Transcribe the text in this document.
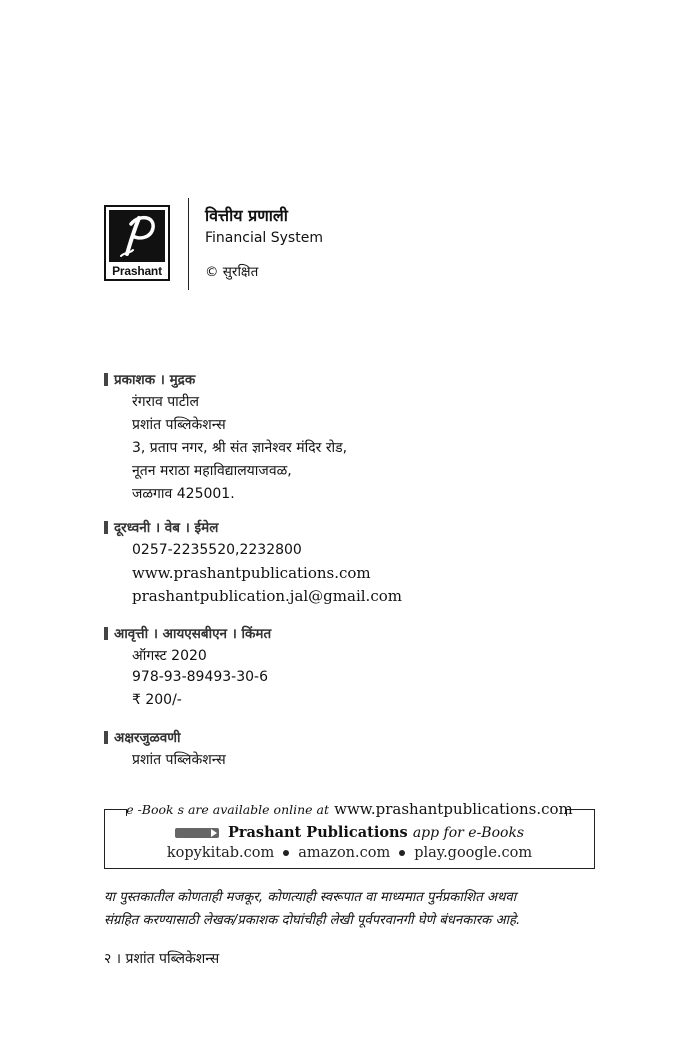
Prashant
वित्तीय प्रणाली
Financial System
© सुरक्षित
प्रकाशक । मुद्रक
रंगराव पाटील
प्रशांत पब्लिकेशन्स
3, प्रताप नगर, श्री संत ज्ञानेश्वर मंदिर रोड,
नूतन मराठा महाविद्यालयाजवळ,
जळगाव 425001.
दूरध्वनी । वेब । ईमेल
0257-2235520,2232800
www.prashantpublications.com
prashantpublication.jal@gmail.com
आवृत्ती । आयएसबीएन । किंमत
ऑगस्ट 2020
978-93-89493-30-6
₹ 200/-
अक्षरजुळवणी
प्रशांत पब्लिकेशन्स
e -Book s are available online at www.prashantpublications.com
Prashant Publications app for e-Books
kopykitab.com amazon.com play.google.com
या पुस्तकातील कोणताही मजकूर, कोणत्याही स्वरूपात वा माध्यमात पुर्नप्रकाशित अथवा
संग्रहित करण्यासाठी लेखक/प्रकाशक दोघांचीही लेखी पूर्वपरवानगी घेणे बंधनकारक आहे.
२ । प्रशांत पब्लिकेशन्स
